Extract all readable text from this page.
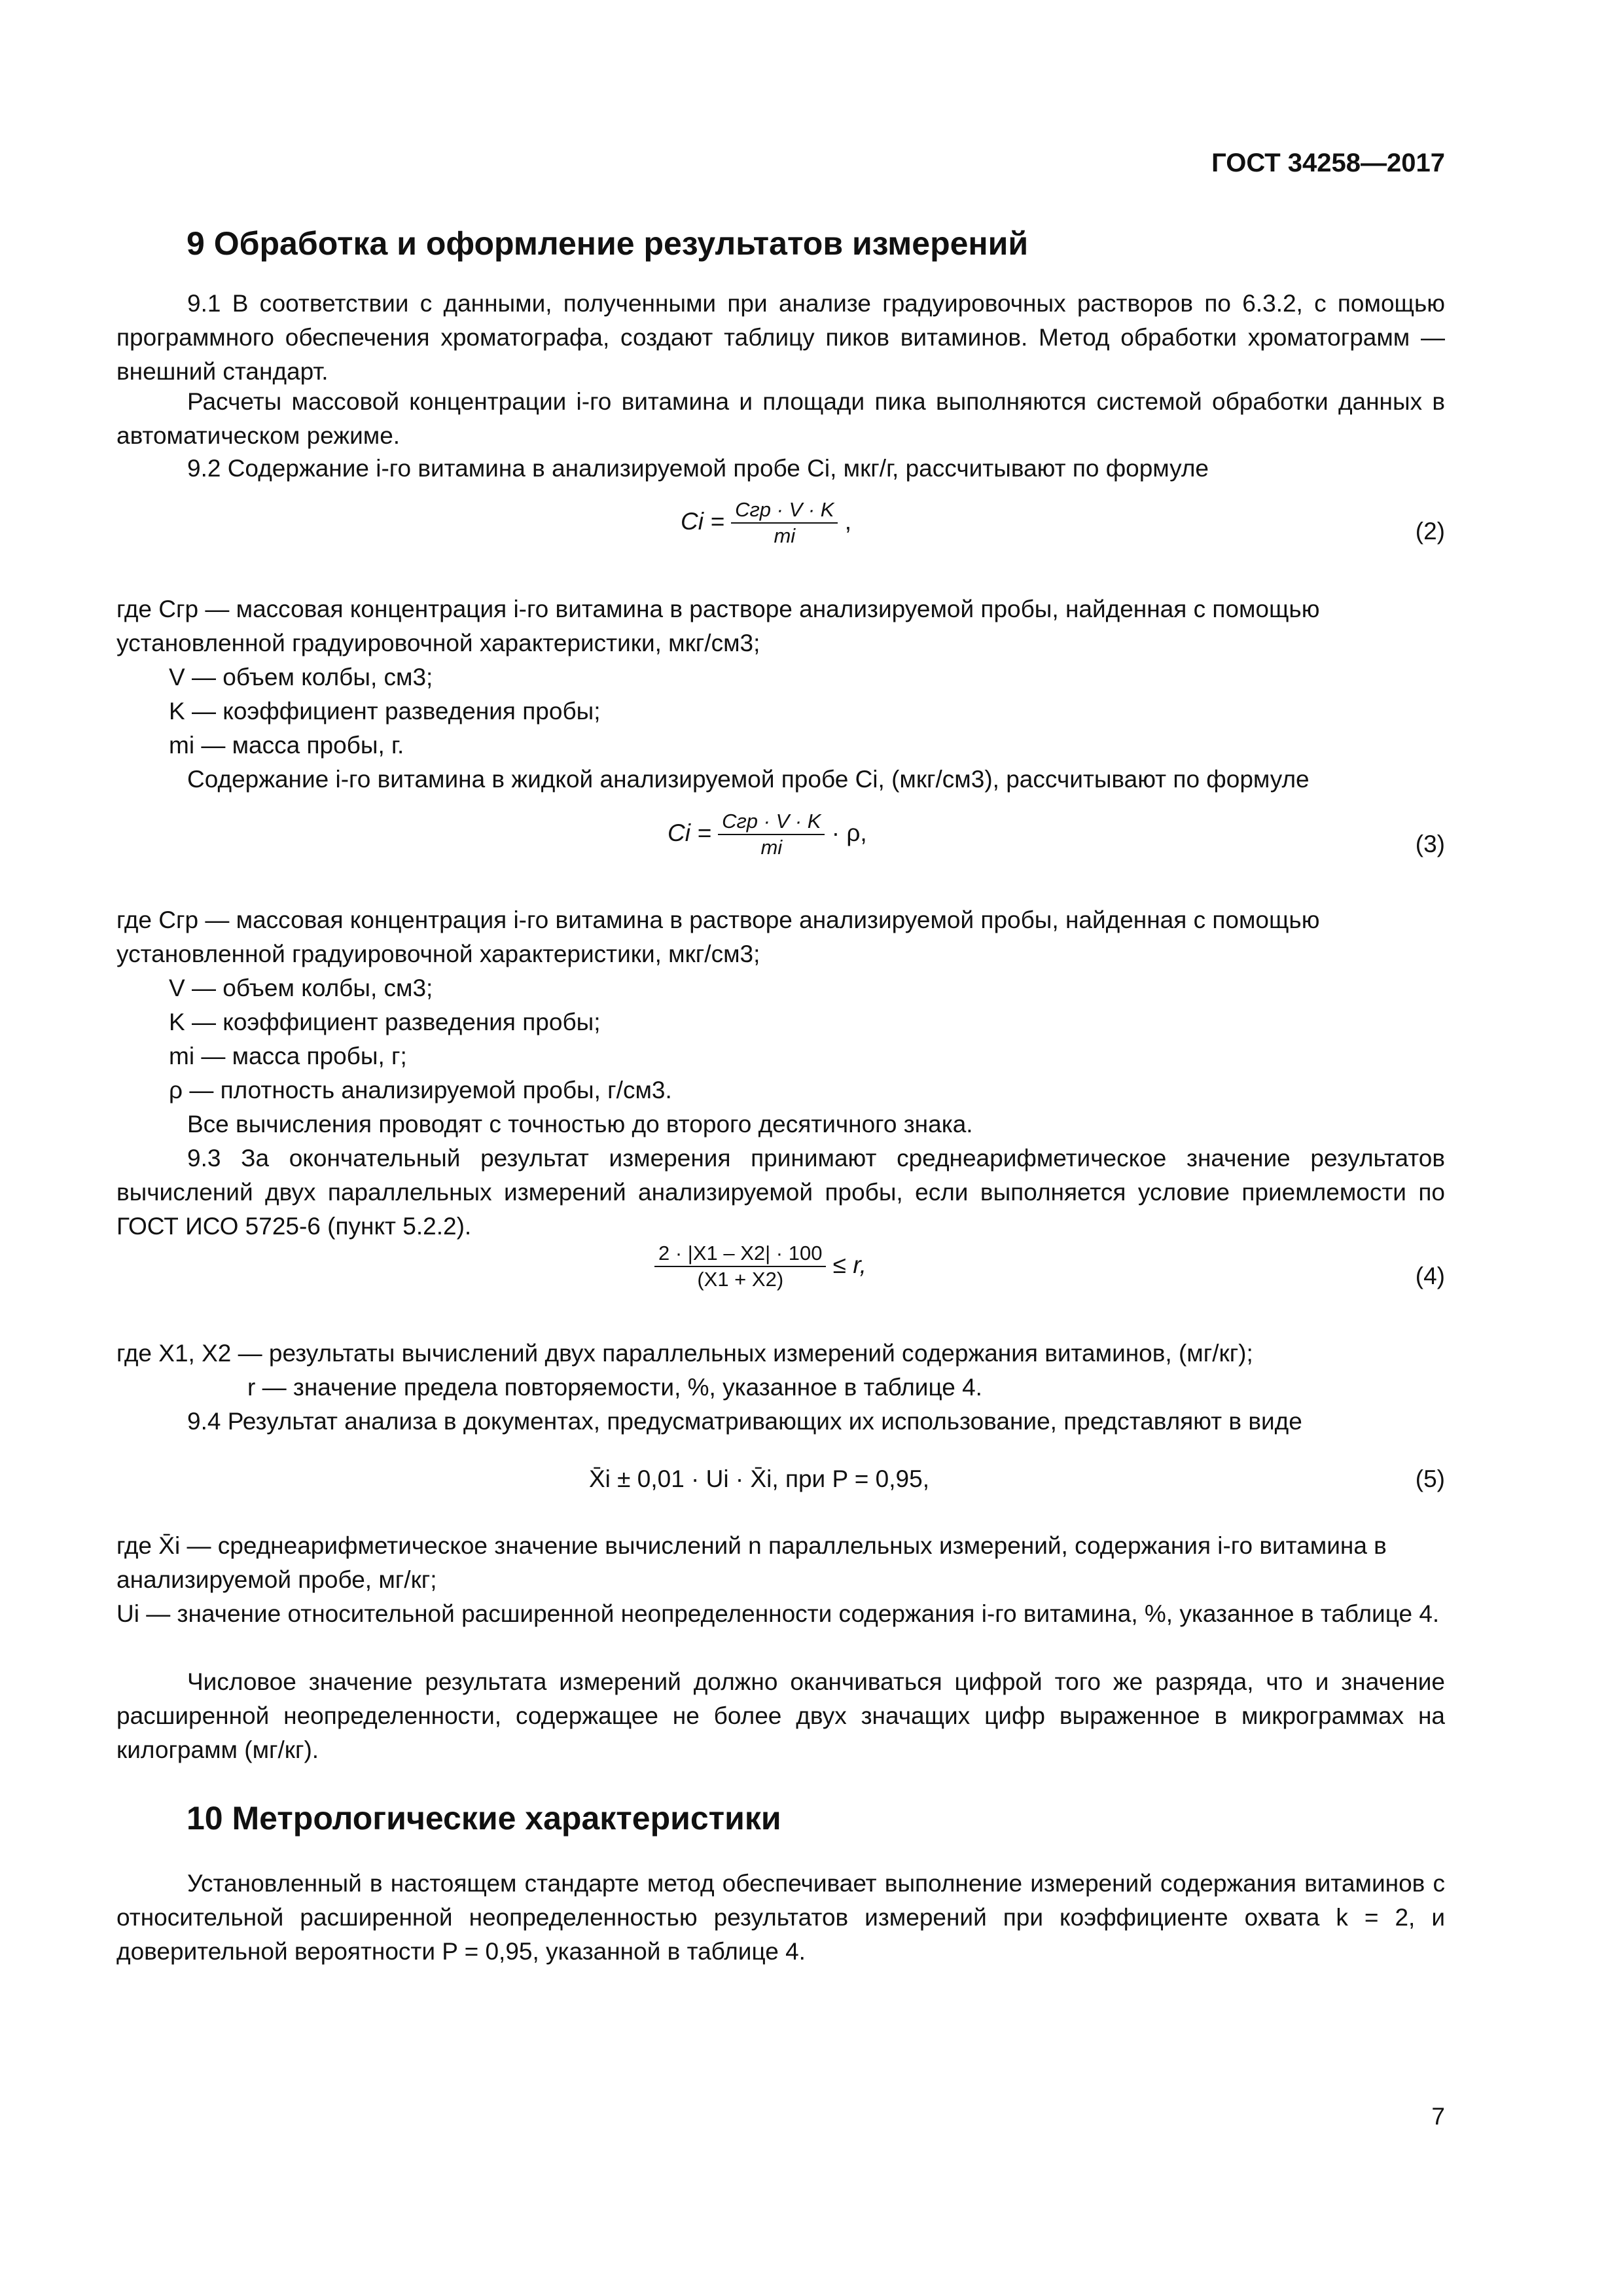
ГОСТ 34258—2017
9 Обработка и оформление результатов измерений
9.1 В соответствии с данными, полученными при анализе градуировочных растворов по 6.3.2, с помощью программного обеспечения хроматографа, создают таблицу пиков витаминов. Метод обработки хроматограмм — внешний стандарт.
Расчеты массовой концентрации i-го витамина и площади пика выполняются системой обработки данных в автоматическом режиме.
9.2 Содержание i-го витамина в анализируемой пробе Ci, мкг/г, рассчитывают по формуле
$Ci = \frac{\text{Cгр · V · K}}{mi}$ ,	(2)
где Cгр — массовая концентрация i-го витамина в растворе анализируемой пробы, найденная с помощью установленной градуировочной характеристики, мкг/см3;
V — объем колбы, см3;
K — коэффициент разведения пробы;
mi — масса пробы, г.
Содержание i-го витамина в жидкой анализируемой пробе Ci, (мкг/см3), рассчитывают по формуле
$Ci = \frac{\text{Cгр · V · K}}{mi} \cdot \rho$,	(3)
где Cгр — массовая концентрация i-го витамина в растворе анализируемой пробы, найденная с помощью установленной градуировочной характеристики, мкг/см3;
V — объем колбы, см3;
K — коэффициент разведения пробы;
mi — масса пробы, г;
ρ — плотность анализируемой пробы, г/см3.
Все вычисления проводят с точностью до второго десятичного знака.
9.3 За окончательный результат измерения принимают среднеарифметическое значение результатов вычислений двух параллельных измерений анализируемой пробы, если выполняется условие приемлемости по ГОСТ ИСО 5725-6 (пункт 5.2.2).
$\frac{2 \cdot |X1 - X2| \cdot 100}{(X1 + X2)} \le r$,	(4)
где X1, X2 — результаты вычислений двух параллельных измерений содержания витаминов, (мг/кг);
r — значение предела повторяемости, %, указанное в таблице 4.
9.4 Результат анализа в документах, предусматривающих их использование, представляют в виде
X̄i ± 0,01 · Ui · X̄i, при P = 0,95,	(5)
где X̄i — среднеарифметическое значение вычислений n параллельных измерений, содержания i-го витамина в анализируемой пробе, мг/кг;
Ui — значение относительной расширенной неопределенности содержания i-го витамина, %, указанное в таблице 4.
Числовое значение результата измерений должно оканчиваться цифрой того же разряда, что и значение расширенной неопределенности, содержащее не более двух значащих цифр выраженное в микрограммах на килограмм (мг/кг).
10 Метрологические характеристики
Установленный в настоящем стандарте метод обеспечивает выполнение измерений содержания витаминов с относительной расширенной неопределенностью результатов измерений при коэффициенте охвата k = 2, и доверительной вероятности P = 0,95, указанной в таблице 4.
7
